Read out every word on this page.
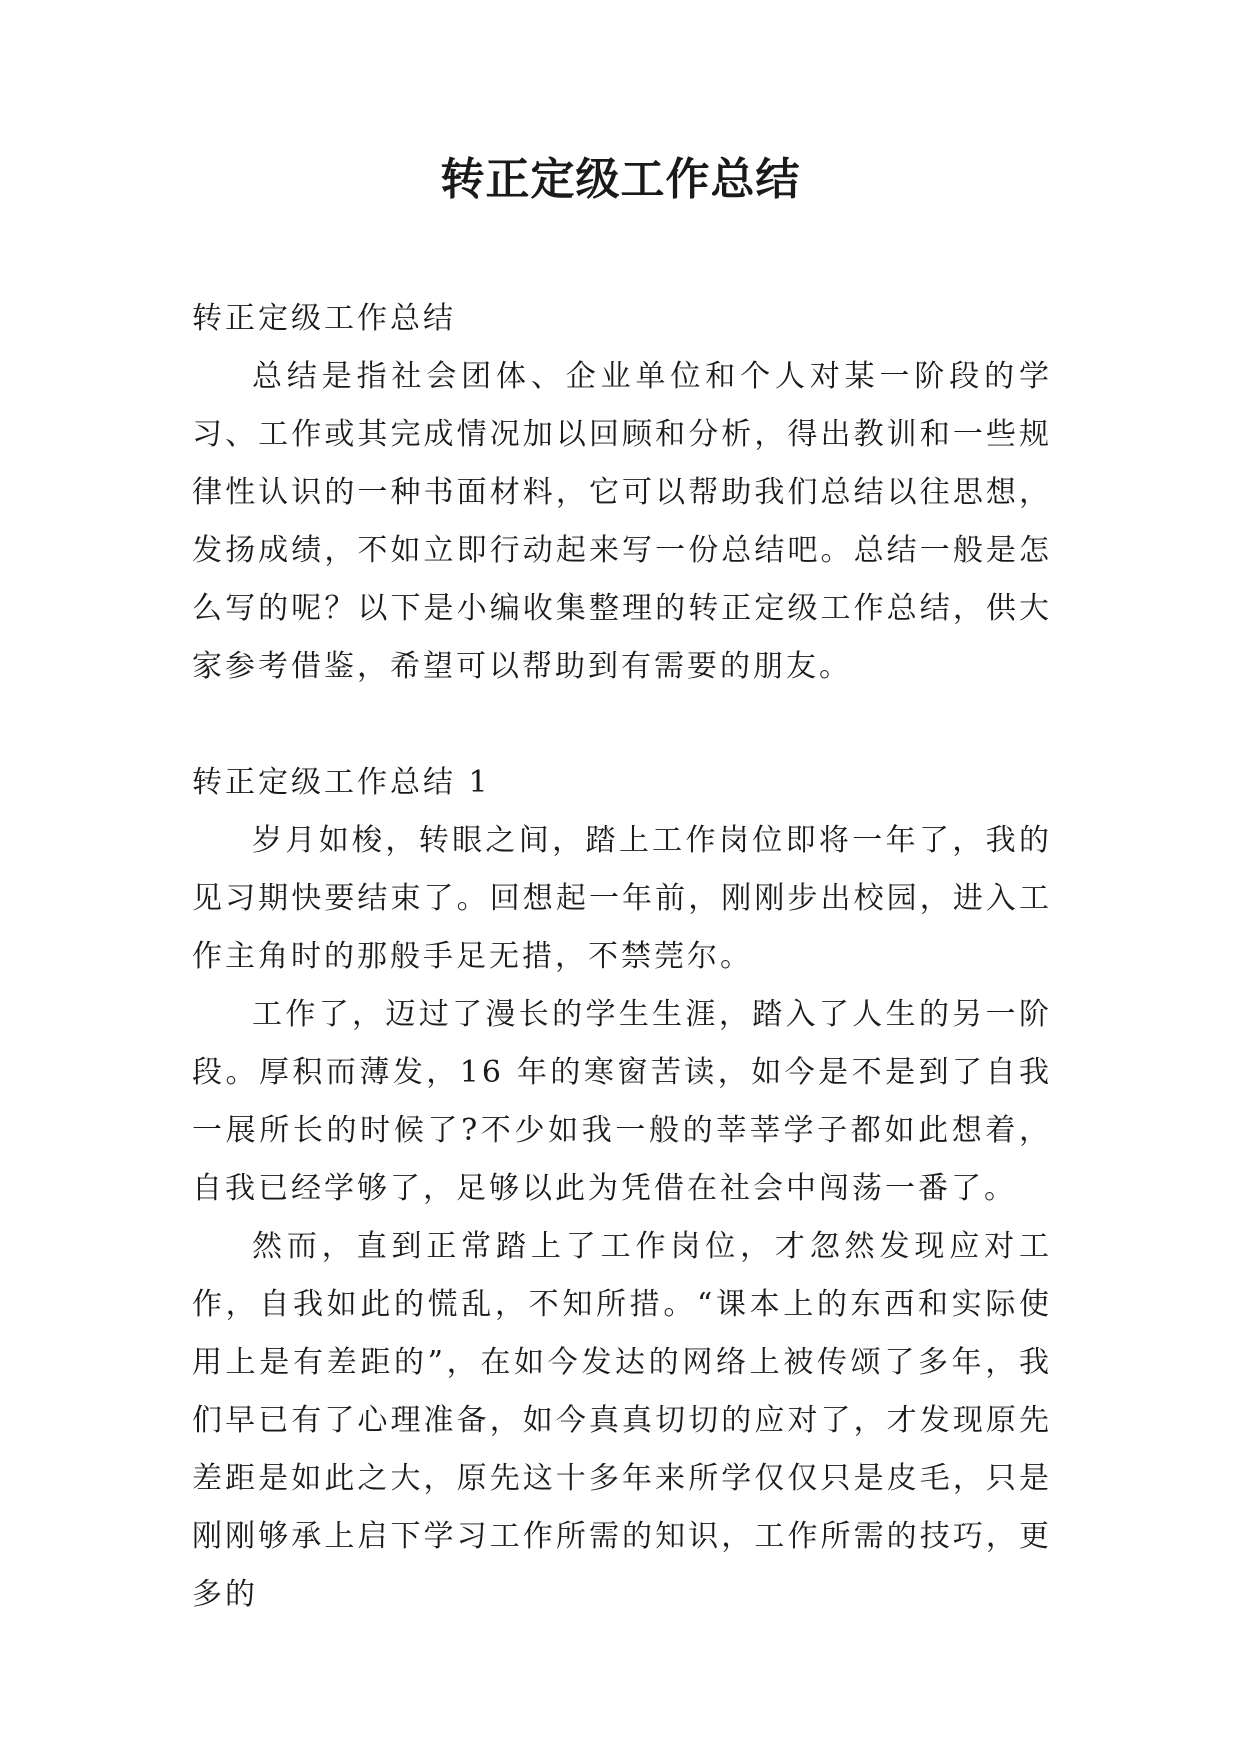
转正定级工作总结

转正定级工作总结

总结是指社会团体、企业单位和个人对某一阶段的学习、工作或其完成情况加以回顾和分析，得出教训和一些规律性认识的一种书面材料，它可以帮助我们总结以往思想，发扬成绩，不如立即行动起来写一份总结吧。总结一般是怎么写的呢？以下是小编收集整理的转正定级工作总结，供大家参考借鉴，希望可以帮助到有需要的朋友。

转正定级工作总结 1

岁月如梭，转眼之间，踏上工作岗位即将一年了，我的见习期快要结束了。回想起一年前，刚刚步出校园，进入工作主角时的那般手足无措，不禁莞尔。

工作了，迈过了漫长的学生生涯，踏入了人生的另一阶段。厚积而薄发，16 年的寒窗苦读，如今是不是到了自我一展所长的时候了?不少如我一般的莘莘学子都如此想着，自我已经学够了，足够以此为凭借在社会中闯荡一番了。

然而，直到正常踏上了工作岗位，才忽然发现应对工作，自我如此的慌乱，不知所措。“课本上的东西和实际使用上是有差距的”，在如今发达的网络上被传颂了多年，我们早已有了心理准备，如今真真切切的应对了，才发现原先差距是如此之大，原先这十多年来所学仅仅只是皮毛，只是刚刚够承上启下学习工作所需的知识，工作所需的技巧，更多的
